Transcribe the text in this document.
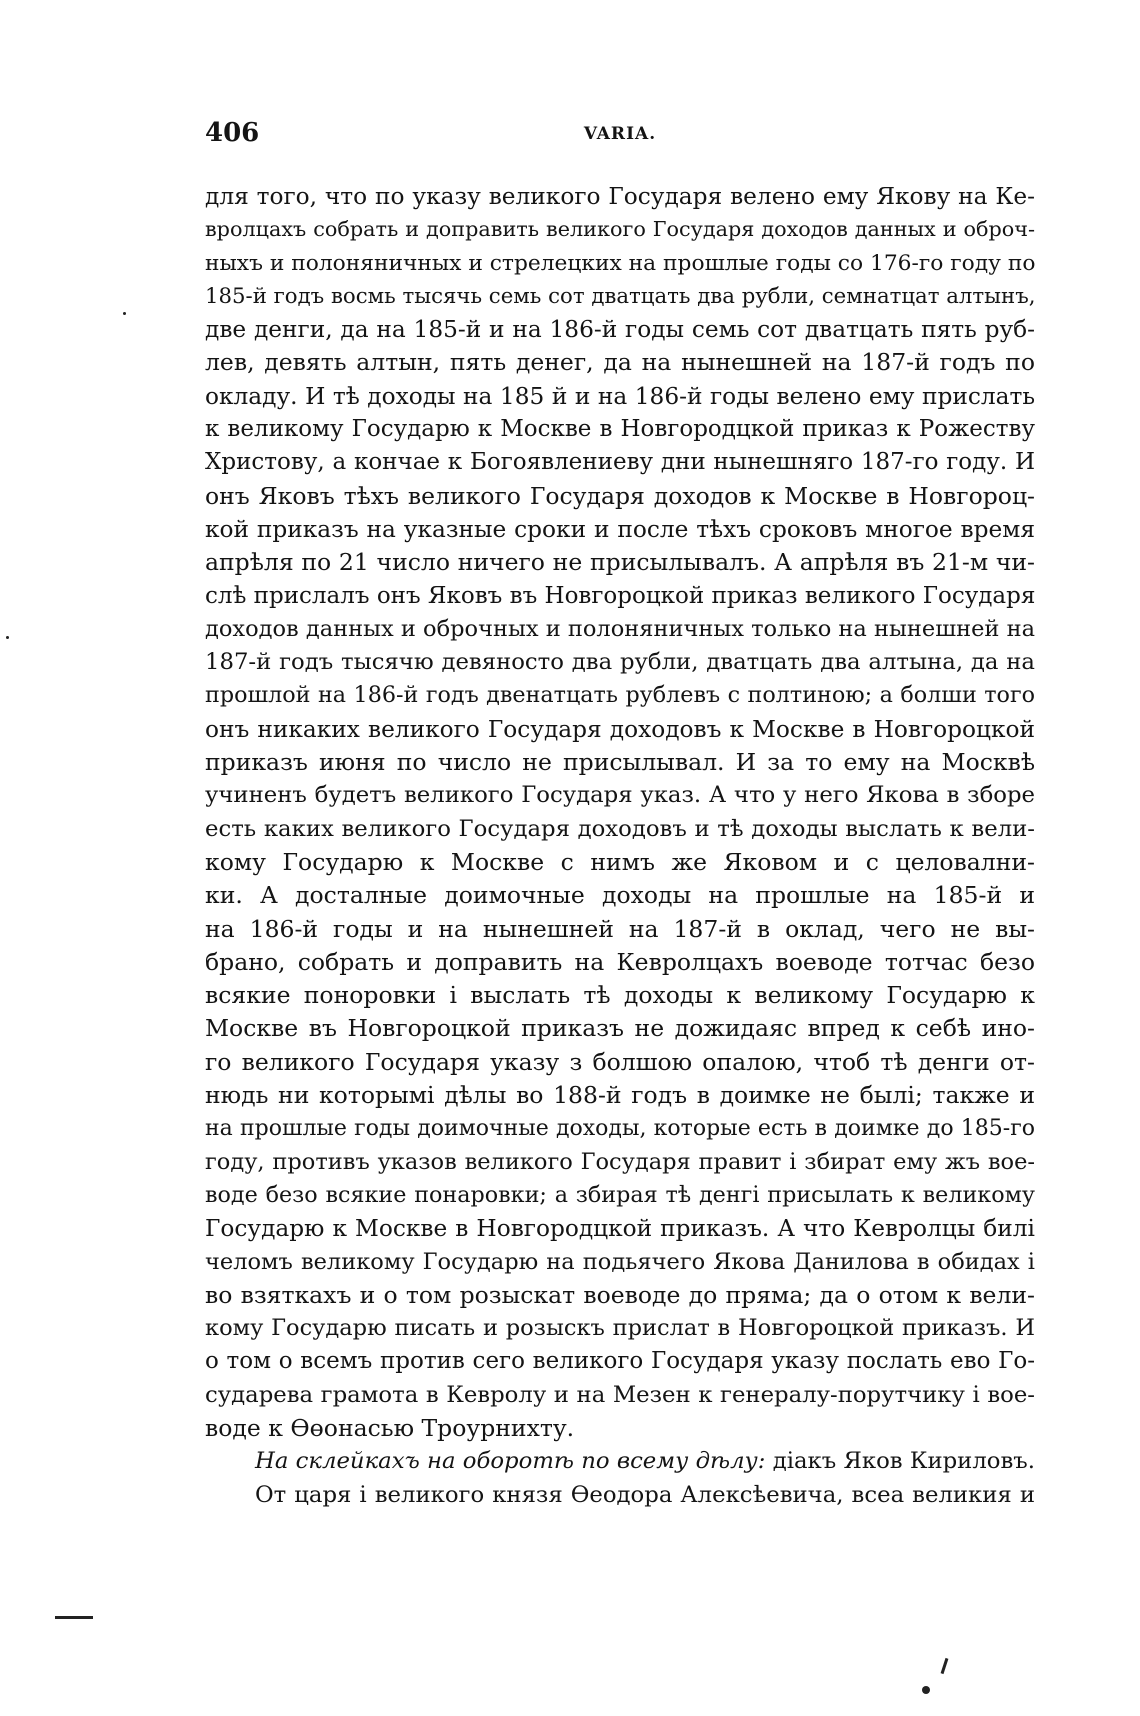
406	VARIA.
для того, что по указу великого Государя велено ему Якову на Ке-
вролцахъ собрать и доправить великого Государя доходов данных и оброч-
ныхъ и полоняничных и стрелецких на прошлые годы со 176-го году по
185-й годъ восмь тысячь семь сот дватцать два рубли, семнатцат алтынъ,
две денги, да на 185-й и на 186-й годы семь сот дватцать пять руб-
лев, девять алтын, пять денег, да на нынешней на 187-й годъ по
окладу. И тѣ доходы на 185 й и на 186-й годы велено ему прислать
к великому Государю к Москве в Новгородцкой приказ к Рожеству
Христову, а кончае к Богоявлениеву дни нынешняго 187-го году. И
онъ Яковъ тѣхъ великого Государя доходов к Москве в Новгороц-
кой приказъ на указные сроки и после тѣхъ сроковъ многое время
апрѣля по 21 число ничего не присылывалъ. А апрѣля въ 21-м чи-
слѣ прислалъ онъ Яковъ въ Новгороцкой приказ великого Государя
доходов данных и оброчных и полоняничных только на нынешней на
187-й годъ тысячю девяносто два рубли, дватцать два алтына, да на
прошлой на 186-й годъ двенатцать рублевъ с полтиною; а болши того
онъ никаких великого Государя доходовъ к Москве в Новгороцкой
приказъ июня по число не присылывал. И за то ему на Москвѣ
учиненъ будетъ великого Государя указ. А что у него Якова в зборе
есть каких великого Государя доходовъ и тѣ доходы выслать к вели-
кому Государю к Москве с нимъ же Яковом и с целовални-
ки. А досталные доимочные доходы на прошлые на 185-й и
на 186-й годы и на нынешней на 187-й в оклад, чего не вы-
брано, собрать и доправить на Кевролцахъ воеводе тотчас безо
всякие поноровки і выслать тѣ доходы к великому Государю к
Москве въ Новгороцкой приказъ не дожидаяс впред к себѣ ино-
го великого Государя указу з болшою опалою, чтоб тѣ денги от-
нюдь ни которымі дѣлы во 188-й годъ в доимке не былі; также и
на прошлые годы доимочные доходы, которые есть в доимке до 185-го
году, противъ указов великого Государя правит і збират ему жъ вое-
воде безо всякие понаровки; а збирая тѣ денгі присылать к великому
Государю к Москве в Новгородцкой приказъ. А что Кевролцы билі
челомъ великому Государю на подьячего Якова Данилова в обидах і
во взяткахъ и о том розыскат воеводе до пряма; да о отом к вели-
кому Государю писать и розыскъ прислат в Новгороцкой приказъ. И
о том о всемъ против сего великого Государя указу послать ево Го-
сударева грамота в Кевролу и на Мезен к генералу-порутчику і вое-
воде к Өөонасью Троурнихту.
На склейкахъ на оборотѣ по всему дѣлу: діакъ Яков Кириловъ.
От царя і великого князя Өеодора Алексѣевича, всеа великия и
